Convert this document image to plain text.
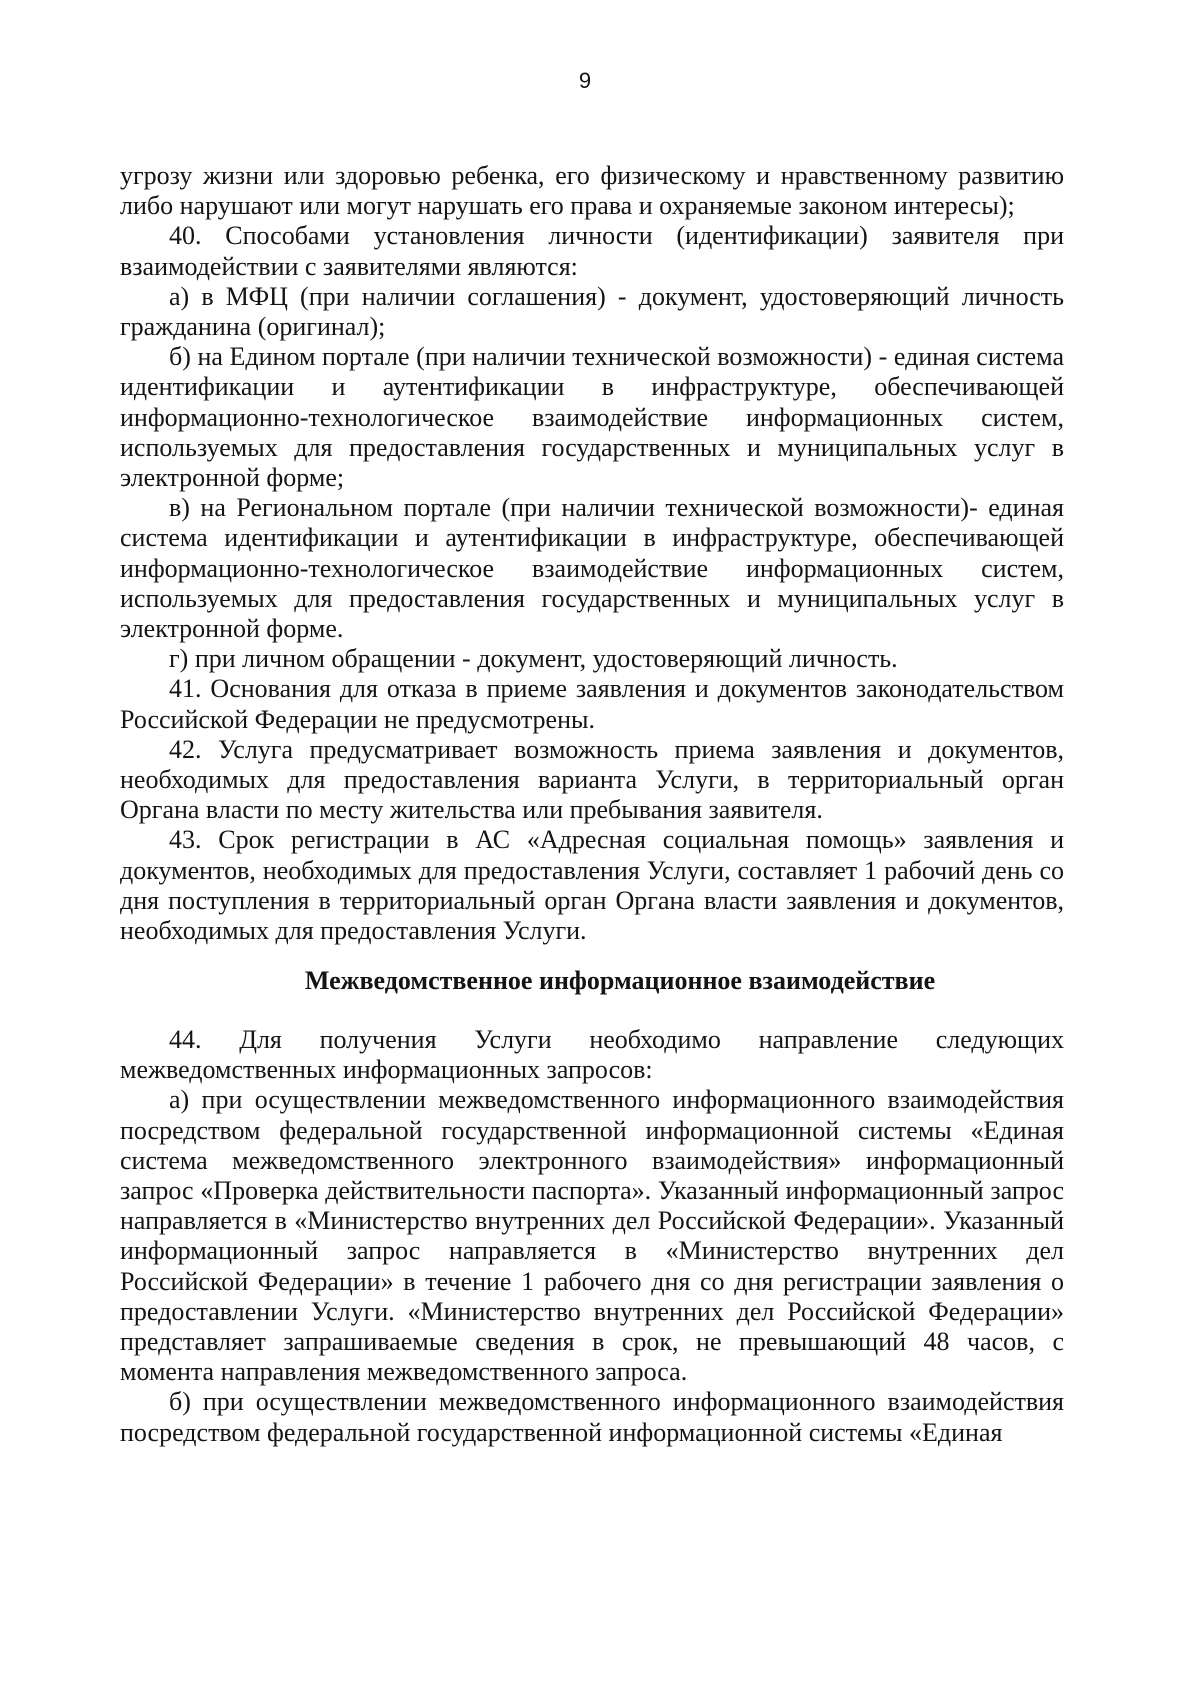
9

угрозу жизни или здоровью ребенка, его физическому и нравственному развитию либо нарушают или могут нарушать его права и охраняемые законом интересы);

40. Способами установления личности (идентификации) заявителя при взаимодействии с заявителями являются:

а) в МФЦ (при наличии соглашения) - документ, удостоверяющий личность гражданина (оригинал);

б) на Едином портале (при наличии технической возможности) - единая система идентификации и аутентификации в инфраструктуре, обеспечивающей информационно-технологическое взаимодействие информационных систем, используемых для предоставления государственных и муниципальных услуг в электронной форме;

в) на Региональном портале (при наличии технической возможности)- единая система идентификации и аутентификации в инфраструктуре, обеспечивающей информационно-технологическое взаимодействие информационных систем, используемых для предоставления государственных и муниципальных услуг в электронной форме.

г) при личном обращении - документ, удостоверяющий личность.

41. Основания для отказа в приеме заявления и документов законодательством Российской Федерации не предусмотрены.

42. Услуга предусматривает возможность приема заявления и документов, необходимых для предоставления варианта Услуги, в территориальный орган Органа власти по месту жительства или пребывания заявителя.

43. Срок регистрации в АС «Адресная социальная помощь» заявления и документов, необходимых для предоставления Услуги, составляет 1 рабочий день со дня поступления в территориальный орган Органа власти заявления и документов, необходимых для предоставления Услуги.

Межведомственное информационное взаимодействие

44. Для получения Услуги необходимо направление следующих межведомственных информационных запросов:

а) при осуществлении межведомственного информационного взаимодействия посредством федеральной государственной информационной системы «Единая система межведомственного электронного взаимодействия» информационный запрос «Проверка действительности паспорта». Указанный информационный запрос направляется в «Министерство внутренних дел Российской Федерации». Указанный информационный запрос направляется в «Министерство внутренних дел Российской Федерации» в течение 1 рабочего дня со дня регистрации заявления о предоставлении Услуги. «Министерство внутренних дел Российской Федерации» представляет запрашиваемые сведения в срок, не превышающий 48 часов, с момента направления межведомственного запроса.

б) при осуществлении межведомственного информационного взаимодействия посредством федеральной государственной информационной системы «Единая
